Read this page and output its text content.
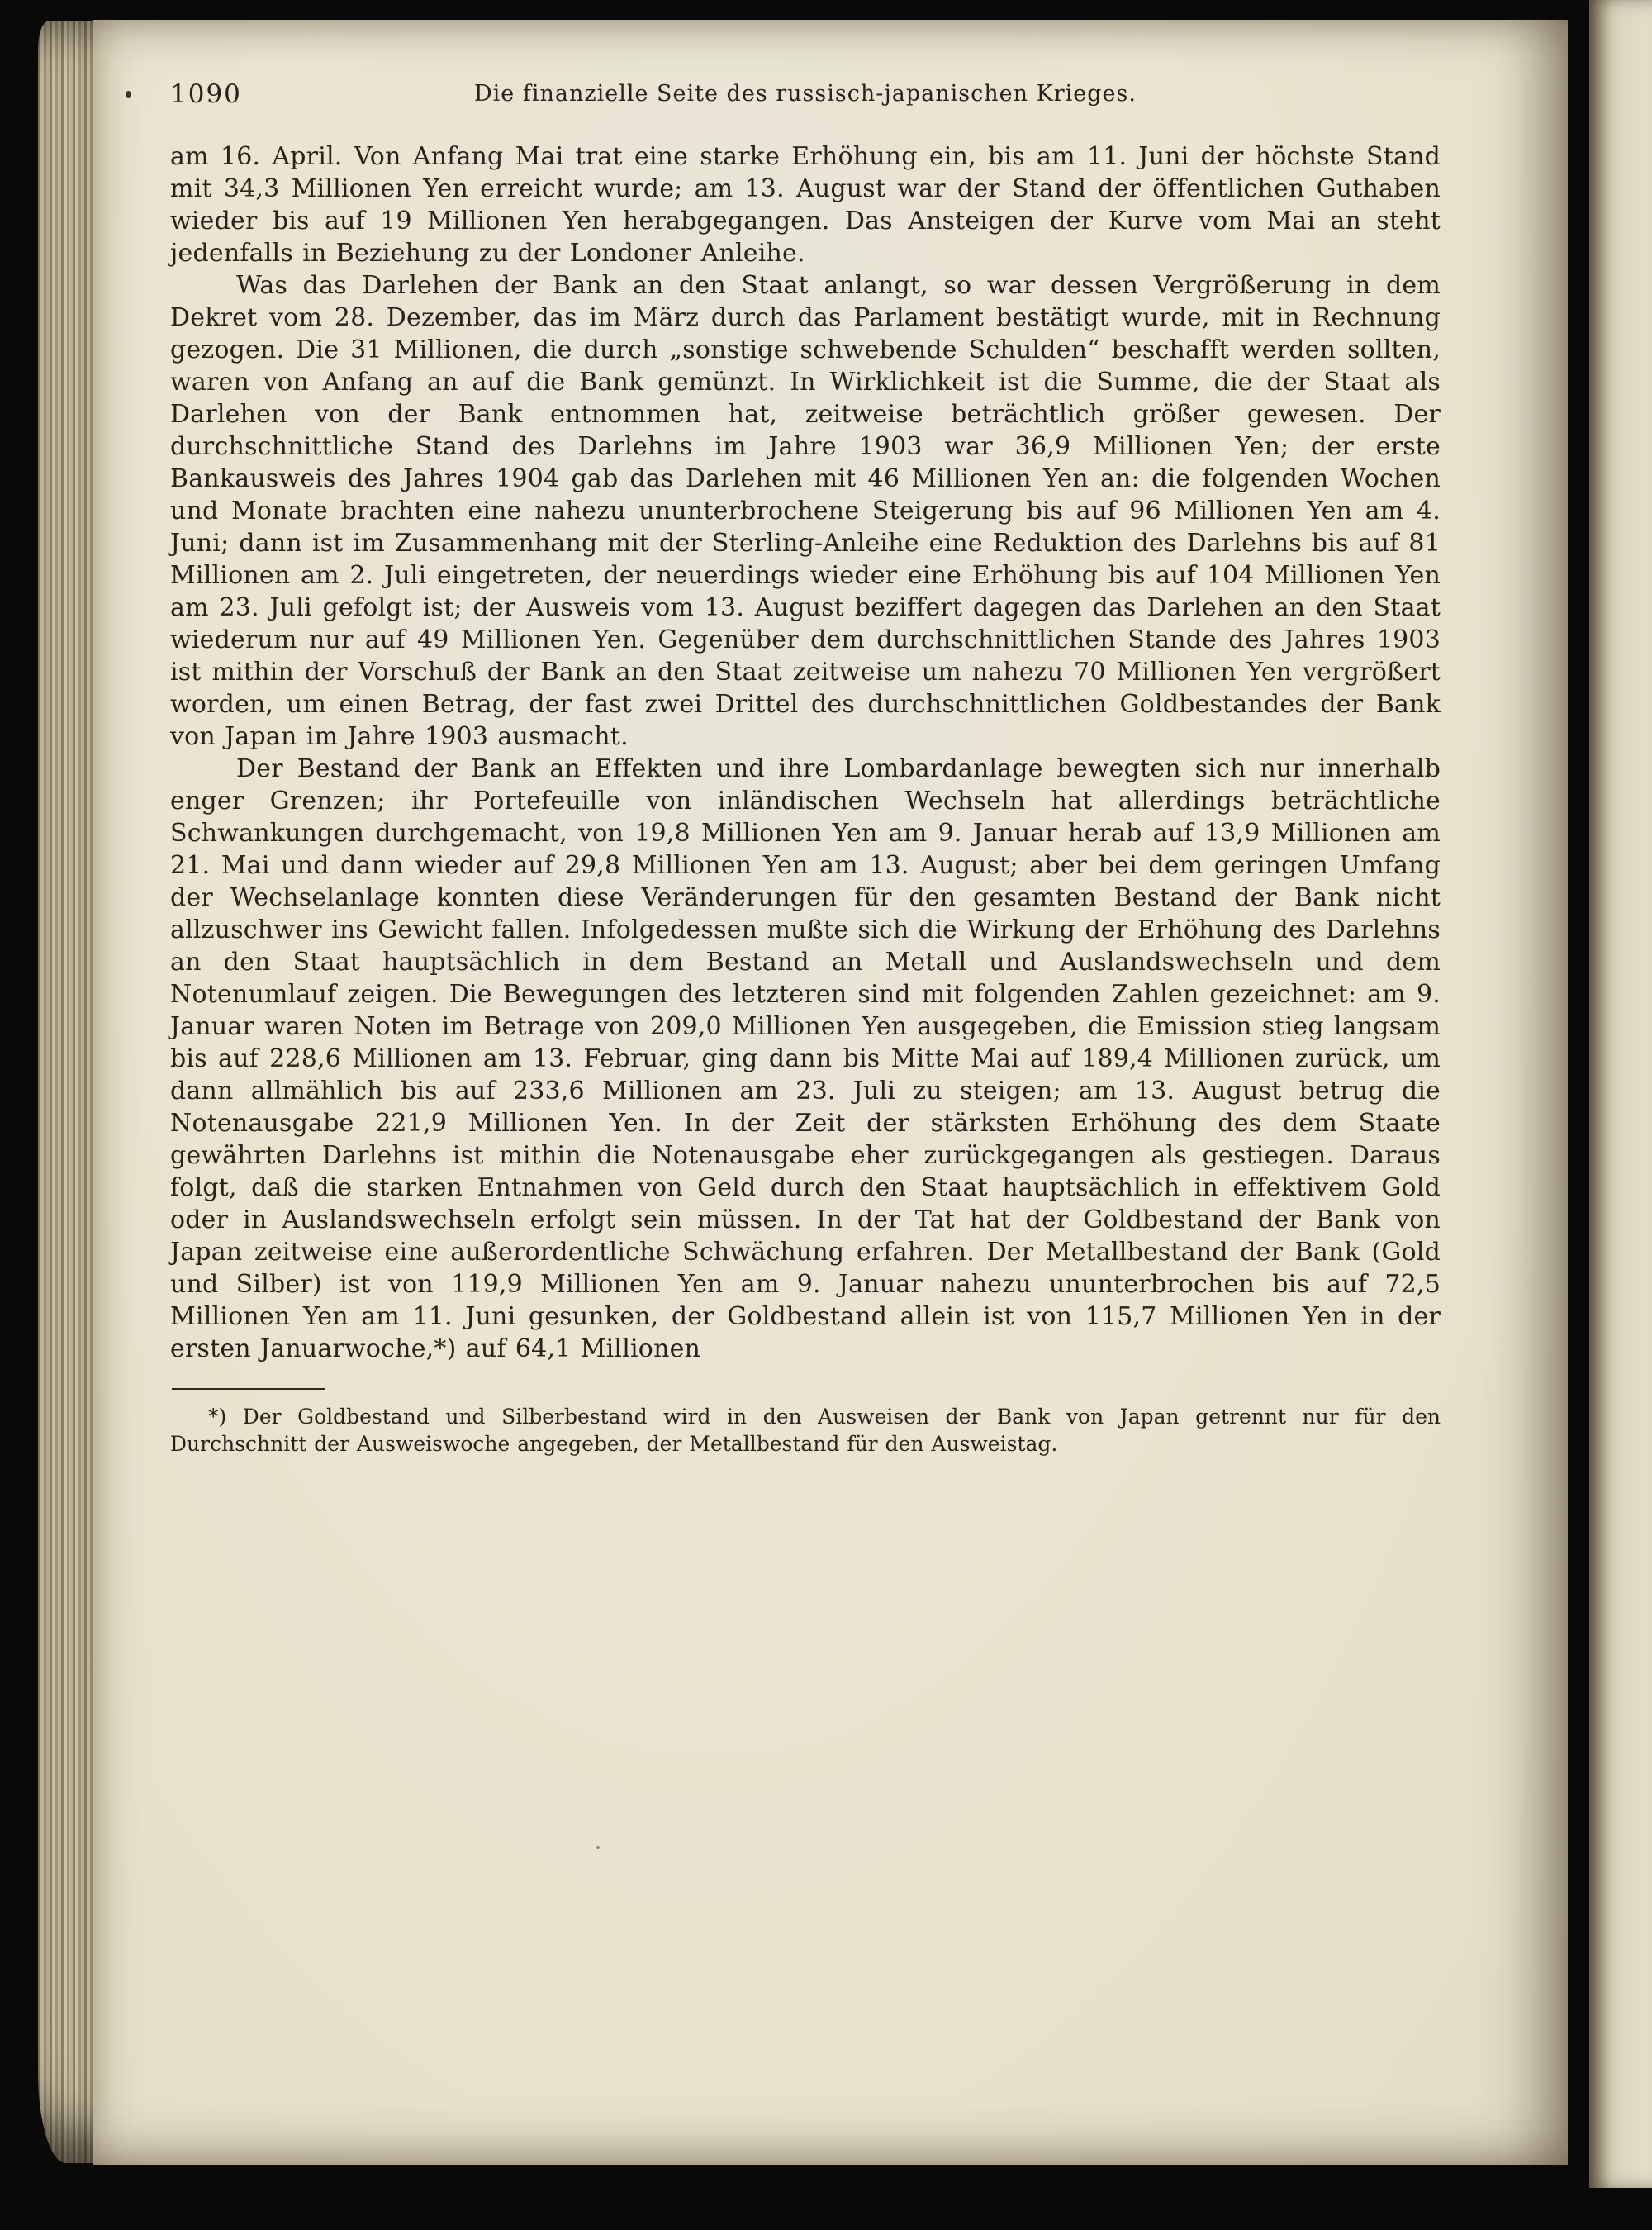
1090	Die finanzielle Seite des russisch-japanischen Krieges.

am 16. April. Von Anfang Mai trat eine starke Erhöhung ein, bis am 11. Juni der höchste Stand mit 34,3 Millionen Yen erreicht wurde; am 13. August war der Stand der öffentlichen Guthaben wieder bis auf 19 Millionen Yen herabgegangen. Das Ansteigen der Kurve vom Mai an steht jedenfalls in Beziehung zu der Londoner Anleihe.

Was das Darlehen der Bank an den Staat anlangt, so war dessen Vergrößerung in dem Dekret vom 28. Dezember, das im März durch das Parlament bestätigt wurde, mit in Rechnung gezogen. Die 31 Millionen, die durch „sonstige schwebende Schulden“ beschafft werden sollten, waren von Anfang an auf die Bank gemünzt. In Wirklichkeit ist die Summe, die der Staat als Darlehen von der Bank entnommen hat, zeitweise beträchtlich größer gewesen. Der durchschnittliche Stand des Darlehns im Jahre 1903 war 36,9 Millionen Yen; der erste Bankausweis des Jahres 1904 gab das Darlehen mit 46 Millionen Yen an: die folgenden Wochen und Monate brachten eine nahezu ununterbrochene Steigerung bis auf 96 Millionen Yen am 4. Juni; dann ist im Zusammenhang mit der Sterling-Anleihe eine Reduktion des Darlehns bis auf 81 Millionen am 2. Juli eingetreten, der neuerdings wieder eine Erhöhung bis auf 104 Millionen Yen am 23. Juli gefolgt ist; der Ausweis vom 13. August beziffert dagegen das Darlehen an den Staat wiederum nur auf 49 Millionen Yen. Gegenüber dem durchschnittlichen Stande des Jahres 1903 ist mithin der Vorschuß der Bank an den Staat zeitweise um nahezu 70 Millionen Yen vergrößert worden, um einen Betrag, der fast zwei Drittel des durchschnittlichen Goldbestandes der Bank von Japan im Jahre 1903 ausmacht.

Der Bestand der Bank an Effekten und ihre Lombardanlage bewegten sich nur innerhalb enger Grenzen; ihr Portefeuille von inländischen Wechseln hat allerdings beträchtliche Schwankungen durchgemacht, von 19,8 Millionen Yen am 9. Januar herab auf 13,9 Millionen am 21. Mai und dann wieder auf 29,8 Millionen Yen am 13. August; aber bei dem geringen Umfang der Wechselanlage konnten diese Veränderungen für den gesamten Bestand der Bank nicht allzuschwer ins Gewicht fallen. Infolgedessen mußte sich die Wirkung der Erhöhung des Darlehns an den Staat hauptsächlich in dem Bestand an Metall und Auslandswechseln und dem Notenumlauf zeigen. Die Bewegungen des letzteren sind mit folgenden Zahlen gezeichnet: am 9. Januar waren Noten im Betrage von 209,0 Millionen Yen ausgegeben, die Emission stieg langsam bis auf 228,6 Millionen am 13. Februar, ging dann bis Mitte Mai auf 189,4 Millionen zurück, um dann allmählich bis auf 233,6 Millionen am 23. Juli zu steigen; am 13. August betrug die Notenausgabe 221,9 Millionen Yen. In der Zeit der stärksten Erhöhung des dem Staate gewährten Darlehns ist mithin die Notenausgabe eher zurückgegangen als gestiegen. Daraus folgt, daß die starken Entnahmen von Geld durch den Staat hauptsächlich in effektivem Gold oder in Auslandswechseln erfolgt sein müssen. In der Tat hat der Goldbestand der Bank von Japan zeitweise eine außerordentliche Schwächung erfahren. Der Metallbestand der Bank (Gold und Silber) ist von 119,9 Millionen Yen am 9. Januar nahezu ununterbrochen bis auf 72,5 Millionen Yen am 11. Juni gesunken, der Goldbestand allein ist von 115,7 Millionen Yen in der ersten Januarwoche,*) auf 64,1 Millionen

*) Der Goldbestand und Silberbestand wird in den Ausweisen der Bank von Japan getrennt nur für den Durchschnitt der Ausweiswoche angegeben, der Metallbestand für den Ausweistag.
